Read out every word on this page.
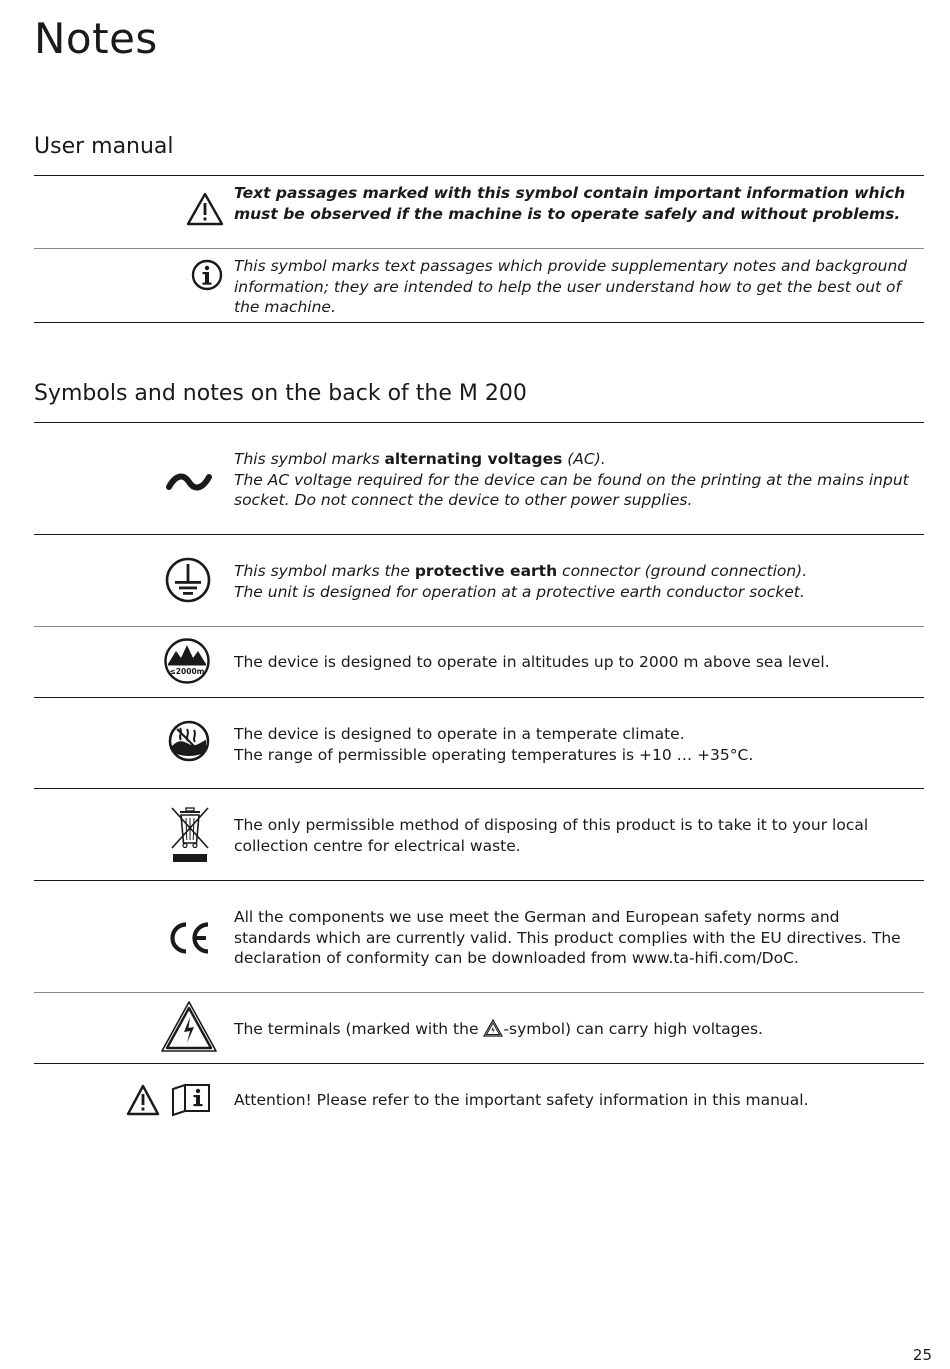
Notes
User manual
Text passages marked with this symbol contain important information which must be observed if the machine is to operate safely and without problems.
This symbol marks text passages which provide supplementary notes and background information; they are intended to help the user understand how to get the best out of the machine.
Symbols and notes on the back of the M 200
This symbol marks alternating voltages (AC).
The AC voltage required for the device can be found on the printing at the mains input socket. Do not connect the device to other power supplies.
This symbol marks the protective earth connector (ground connection).
The unit is designed for operation at a protective earth conductor socket.
≤2000m
The device is designed to operate in altitudes up to 2000 m above sea level.
The device is designed to operate in a temperate climate.
The range of permissible operating temperatures is +10 … +35°C.
The only permissible method of disposing of this product is to take it to your local collection centre for electrical waste.
All the components we use meet the German and European safety norms and standards which are currently valid. This product complies with the EU directives. The declaration of conformity can be downloaded from www.ta-hifi.com/DoC.
The terminals (marked with the -symbol) can carry high voltages.
Attention! Please refer to the important safety information in this manual.
25
